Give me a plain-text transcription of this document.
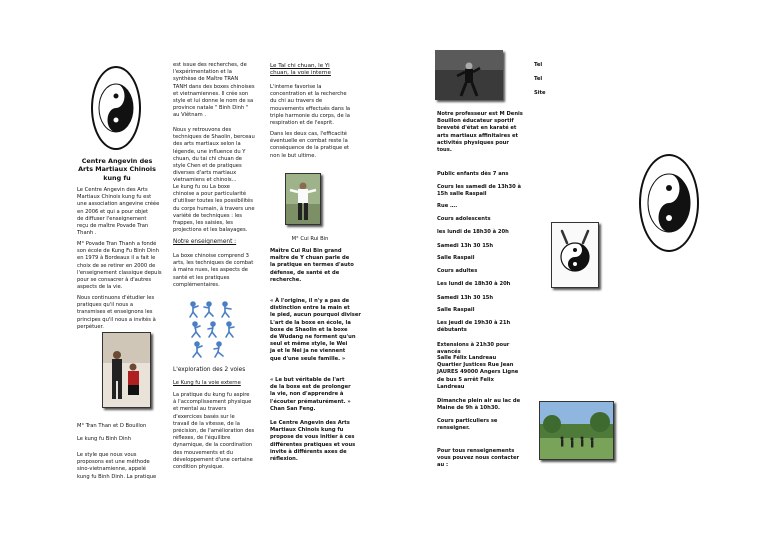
Centre Angevin des
Arts Martiaux Chinois
kung fu
Le Centre Angevin des Arts
Martiaux Chinois kung fu est
une association angevine créée
en 2006 et qui a pour objet
de diffuser l'enseignement
reçu de maître Povade Tran
Thanh .
M° Povade Tran Thanh a fondé
son école de Kung Fu Binh Dinh
en 1979 à Bordeaux il a fait le
choix de se retirer en 2000 de
l'enseignement classique depuis
pour se consacrer à d'autres
aspects de la vie.
Nous continuons d'étudier les
pratiques qu'il nous a
transmises et enseignons les
principes qu'il nous a invités à
perpétuer.
M° Tran Than et D Bouillon
Le kung fu Binh Dinh
Le style que nous vous
proposons est une méthode
sino-vietnamienne, appelé
kung fu Binh Dinh. La pratique
est issue des recherches, de
l'expérimentation et la
synthèse de Maître TRAN
TANH dans des boxes chinoises
et vietnamiennes. Il crée son
style et lui donne le nom de sa
province natale " Binh Dinh "
au Viêtnam .
Nous y retrouvons des
techniques de Shaolin, berceau
des arts martiaux selon la
légende, une influence du Y
chuan, du tai chi chuan de
style Chen et de pratiques
diverses d'arts martiaux
vietnamiens et chinois...
Le kung fu ou La boxe
chinoise a pour particularité
d'utiliser toutes les possibilités
du corps humain, à travers une
variété de techniques : les
frappes, les saisies, les
projections et les balayages.
Notre enseignement :
La boxe chinoise comprend 3
arts, les techniques de combat
à mains nues, les aspects de
santé et les pratiques
complémentaires.
L'exploration des 2 voies
Le Kung fu la voie externe
La pratique du kung fu aspire
à l'accomplissement physique
et mental au travers
d'exercices basés sur le
travail de la vitesse, de la
précision, de l'amélioration des
réflexes, de l'équilibre
dynamique, de la coordination
des mouvements et du
développement d'une certaine
condition physique.
Le Taï chi chuan, le Yi
chuan, la voie interne
L'interne favorise la
concentration et la recherche
du chi au travers de
mouvements effectués dans la
triple harmonie du corps, de la
respiration et de l'esprit.
Dans les deux cas, l'efficacité
éventuelle en combat reste la
conséquence de la pratique et
non le but ultime.
M° Cui Rui Bin
Maître Cui Rui Bin grand
maître de Y chuan parle de
la pratique en termes d'auto
défense, de santé et de
recherche.
« À l'origine, il n'y a pas de
distinction entre la main et
le pied, aucun pourquoi diviser
L'art de la boxe en école, la
boxe de Shaolin et la boxe
de Wudang ne forment qu'un
seul et même style, le Wei
ja et le Nei ja ne viennent
que d'une seule famille. »
« Le but véritable de l'art
de la boxe est de prolonger
la vie, non d'apprendre à
l'écouter prématurément. »
Chan San Feng.
Le Centre Angevin des Arts
Martiaux Chinois kung fu
propose de vous initier à ces
différentes pratiques et vous
invite à différents axes de
réflexion.
Notre professeur est M Denis
Bouillon éducateur sportif
breveté d'état en karaté et
arts martiaux affinitaires et
activités physiques pour
tous.
Public enfants dès 7 ans
Cours les samedi de 13h30 à
15h salle Raspail
Rue ….
Cours adolescents
les lundi de 18h30 à 20h

Samedi 13h 30 15h
Salle Raspail
Cours adultes
Les lundi de 18h30 à 20h

Samedi 13h 30 15h
Salle Raspail
Les jeudi de 19h30 à 21h
débutants

Extensions à 21h30 pour
avancés
Salle Félix Landreau
Quartier Justices Rue Jean
JAURES 49000 Angers Ligne
de bus 5 arrêt Felix
Landreau
Dimanche plein air au lac de
Maine de 9h à 10h30.
Cours particuliers se
renseigner.
Pour tous renseignements
vous pouvez nous contacter
au :
Tel
Tel
Site
